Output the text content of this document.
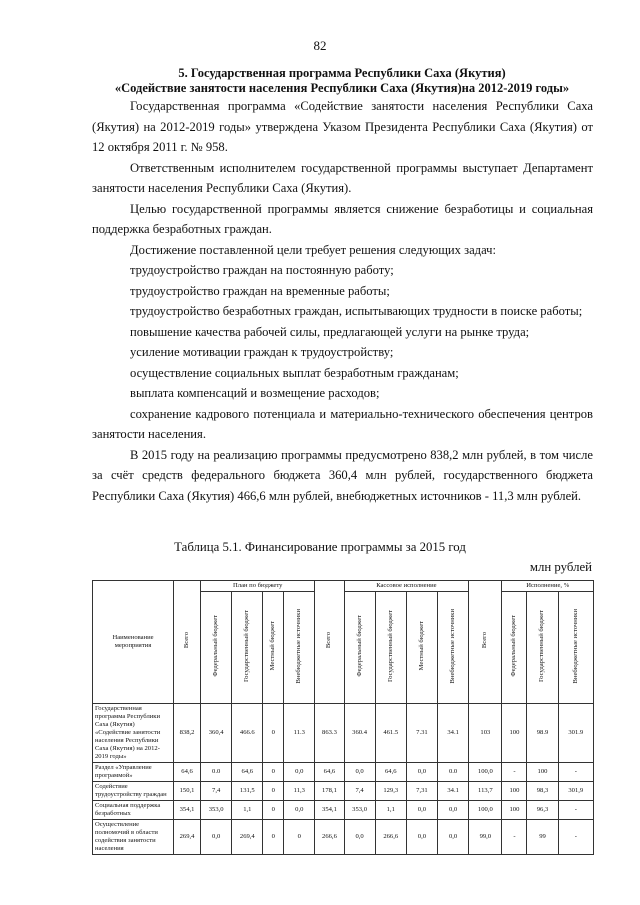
82
5. Государственная программа Республики Саха (Якутия)
«Содействие занятости населения Республики Саха (Якутия)на 2012-2019 годы»

Государственная программа «Содействие занятости населения Республики Саха (Якутия) на 2012-2019 годы» утверждена Указом Президента Республики Саха (Якутия) от 12 октября 2011 г. № 958.

Ответственным исполнителем государственной программы выступает Департамент занятости населения Республики Саха (Якутия).

Целью государственной программы является снижение безработицы и социальная поддержка безработных граждан.

Достижение поставленной цели требует решения следующих задач:

трудоустройство граждан на постоянную работу;

трудоустройство граждан на временные работы;

трудоустройство безработных граждан, испытывающих трудности в поиске работы;

повышение качества рабочей силы, предлагающей услуги на рынке труда;

усиление мотивации граждан к трудоустройству;

осуществление социальных выплат безработным гражданам;

выплата компенсаций и возмещение расходов;

сохранение кадрового потенциала и материально-технического обеспечения центров занятости населения.

В 2015 году на реализацию программы предусмотрено 838,2 млн рублей, в том числе за счёт средств федерального бюджета 360,4 млн рублей, государственного бюджета Республики Саха (Якутия) 466,6 млн рублей, внебюджетных источников - 11,3 млн рублей.

Таблица 5.1. Финансирование программы за 2015 год
млн рублей
Наименование мероприятия	Всего	План по бюджету				Всего	Кассовое исполнение				Всего	Исполнение, %		
		Федеральный бюджет	Государственный бюджет	Местный бюджет	Внебюджетные источники		Федеральный бюджет	Государственный бюджет	Местный бюджет	Внебюджетные источники		Федеральный бюджет	Государственный бюджет	Внебюджетные источники
Государственная программа Республики Саха (Якутия) «Содействие занятости населения Республики Саха (Якутия) на 2012-2019 годы»	838,2	360,4	466.6	0	11.3	863.3	360.4	461.5	7.31	34.1	103	100	98.9	301.9
Раздел «Управление программой»	64,6	0.0	64,6	0	0,0	64,6	0,0	64,6	0,0	0.0	100,0	-	100	-
Содействие трудоустройству граждан	150,1	7,4	131,5	0	11,3	178,1	7,4	129,3	7,31	34.1	113,7	100	98,3	301,9
Социальная поддержка безработных	354,1	353,0	1,1	0	0,0	354,1	353,0	1,1	0,0	0,0	100,0	100	96,3	-
Осуществление полномочий в области содействия занятости населения	269,4	0,0	269,4	0	0	266,6	0,0	266,6	0,0	0,0	99,0	-	99	-
